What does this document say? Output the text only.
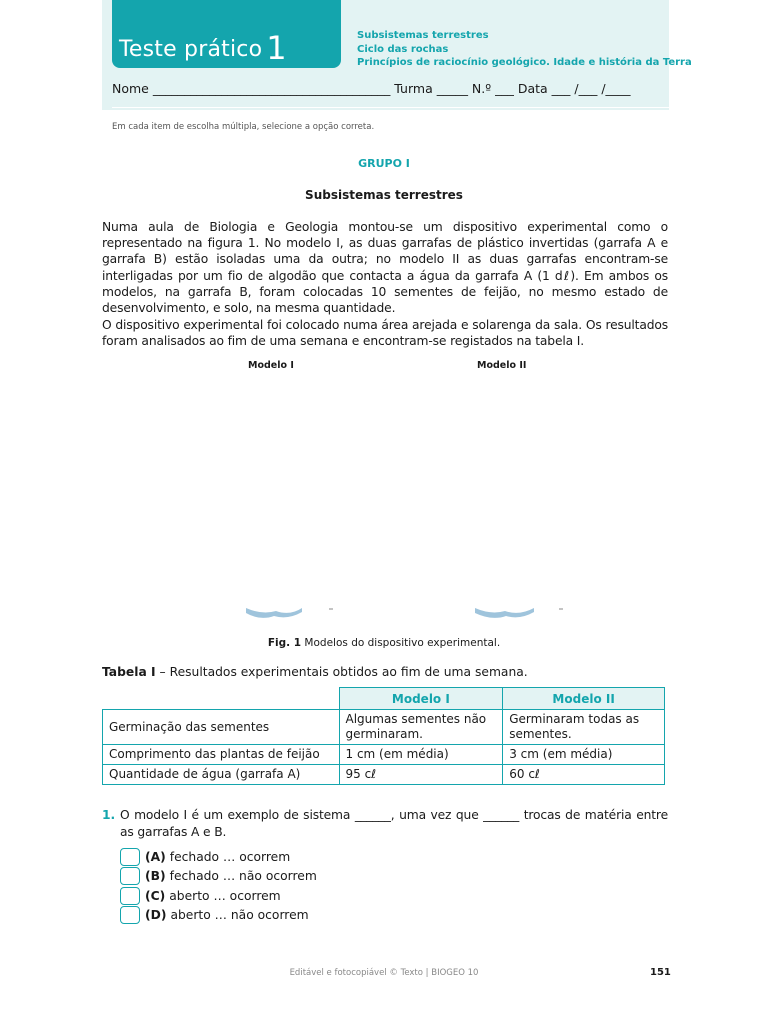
Teste prático 1	Subsistemas terrestres
Ciclo das rochas
Princípios de raciocínio geológico. Idade e história da Terra
Nome ______________________________________ Turma _____ N.º ___ Data ___ /___ /____
Em cada item de escolha múltipla, selecione a opção correta.
GRUPO I
Subsistemas terrestres
Numa aula de Biologia e Geologia montou-se um dispositivo experimental como o representado na figura 1. No modelo I, as duas garrafas de plástico invertidas (garrafa A e garrafa B) estão isoladas uma da outra; no modelo II as duas garrafas encontram-se interligadas por um fio de algodão que contacta a água da garrafa A (1 dℓ). Em ambos os modelos, na garrafa B, foram colocadas 10 sementes de feijão, no mesmo estado de desenvolvimento, e solo, na mesma quantidade.
O dispositivo experimental foi colocado numa área arejada e solarenga da sala. Os resultados foram analisados ao fim de uma semana e encontram-se registados na tabela I.
Modelo I	Modelo II
Fig. 1 Modelos do dispositivo experimental.
Tabela I – Resultados experimentais obtidos ao fim de uma semana.
	Modelo I	Modelo II
Germinação das sementes	Algumas sementes não germinaram.	Germinaram todas as sementes.
Comprimento das plantas de feijão	1 cm (em média)	3 cm (em média)
Quantidade de água (garrafa A)	95 cℓ	60 cℓ
1. O modelo I é um exemplo de sistema ______, uma vez que ______ trocas de matéria entre as garrafas A e B.
(A) fechado … ocorrem
(B) fechado … não ocorrem
(C) aberto … ocorrem
(D) aberto … não ocorrem
Editável e fotocopiável © Texto | BIOGEO 10	151
